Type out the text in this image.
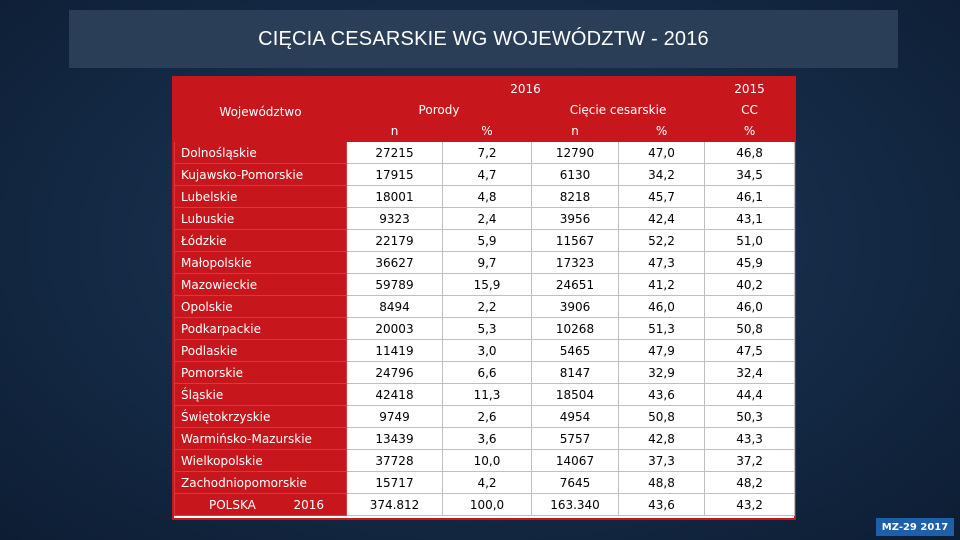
CIĘCIA CESARSKIE WG WOJEWÓDZTW - 2016
Województwo	2016				2015
	Porody		Cięcie cesarskie		CC
	n	%	n	%	%
Dolnośląskie	27215	7,2	12790	47,0	46,8
Kujawsko-Pomorskie	17915	4,7	6130	34,2	34,5
Lubelskie	18001	4,8	8218	45,7	46,1
Lubuskie	9323	2,4	3956	42,4	43,1
Łódzkie	22179	5,9	11567	52,2	51,0
Małopolskie	36627	9,7	17323	47,3	45,9
Mazowieckie	59789	15,9	24651	41,2	40,2
Opolskie	8494	2,2	3906	46,0	46,0
Podkarpackie	20003	5,3	10268	51,3	50,8
Podlaskie	11419	3,0	5465	47,9	47,5
Pomorskie	24796	6,6	8147	32,9	32,4
Śląskie	42418	11,3	18504	43,6	44,4
Świętokrzyskie	9749	2,6	4954	50,8	50,3
Warmińsko-Mazurskie	13439	3,6	5757	42,8	43,3
Wielkopolskie	37728	10,0	14067	37,3	37,2
Zachodniopomorskie	15717	4,2	7645	48,8	48,2

POLSKA 2016	374.812	100,0	163.340	43,6	43,2
MZ-29 2017
